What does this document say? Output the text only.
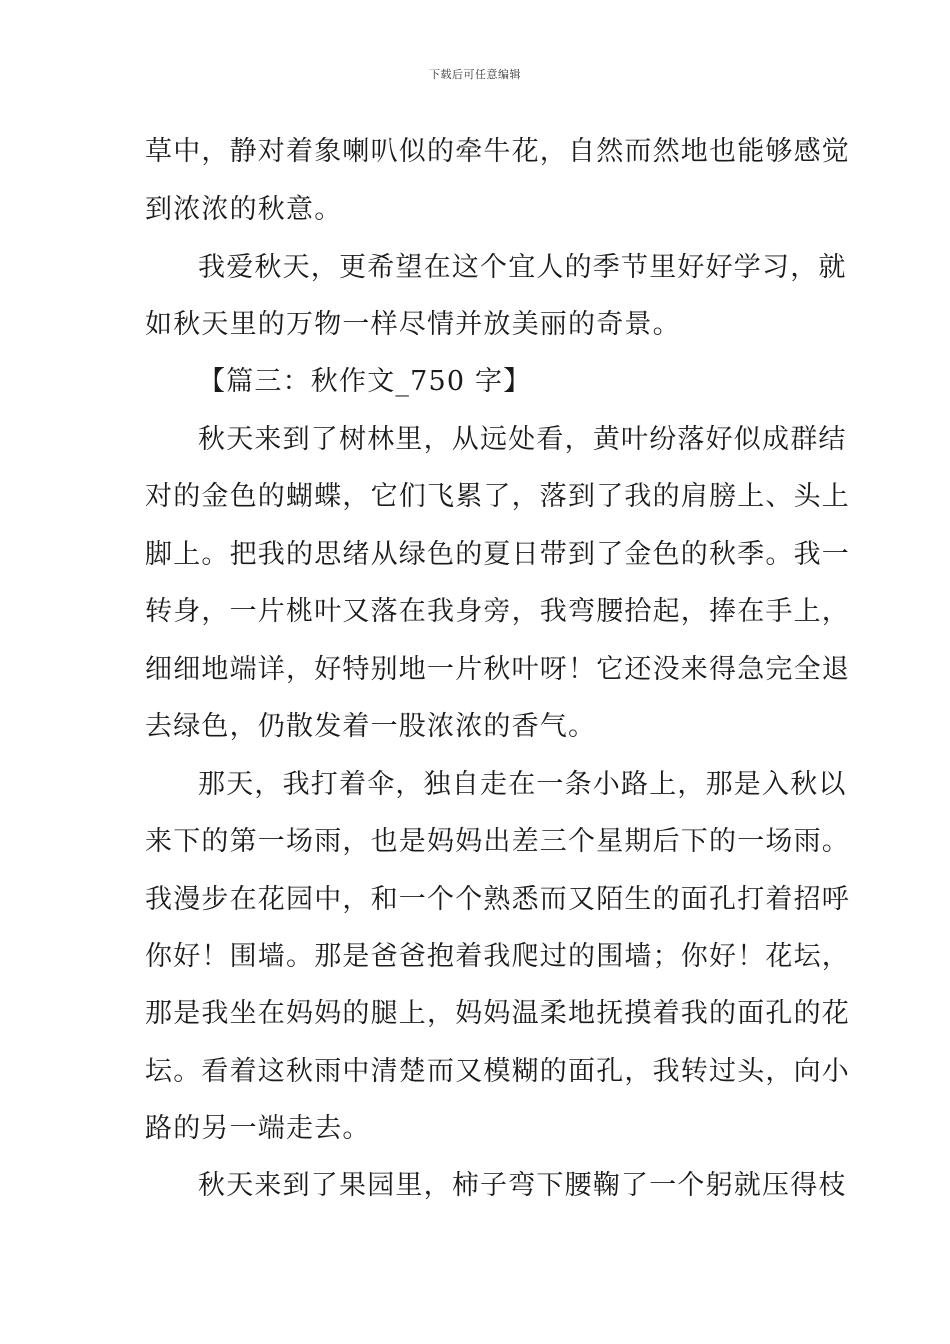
下载后可任意编辑
草中，静对着象喇叭似的牵牛花，自然而然地也能够感觉
到浓浓的秋意。
我爱秋天，更希望在这个宜人的季节里好好学习，就
如秋天里的万物一样尽情并放美丽的奇景。
【篇三：秋作文_750 字】
秋天来到了树林里，从远处看，黄叶纷落好似成群结
对的金色的蝴蝶，它们飞累了，落到了我的肩膀上、头上
脚上。把我的思绪从绿色的夏日带到了金色的秋季。我一
转身，一片桃叶又落在我身旁，我弯腰拾起，捧在手上，
细细地端详，好特别地一片秋叶呀！它还没来得急完全退
去绿色，仍散发着一股浓浓的香气。
那天，我打着伞，独自走在一条小路上，那是入秋以
来下的第一场雨，也是妈妈出差三个星期后下的一场雨。
我漫步在花园中，和一个个熟悉而又陌生的面孔打着招呼
你好！围墙。那是爸爸抱着我爬过的围墙；你好！花坛，
那是我坐在妈妈的腿上，妈妈温柔地抚摸着我的面孔的花
坛。看着这秋雨中清楚而又模糊的面孔，我转过头，向小
路的另一端走去。
秋天来到了果园里，柿子弯下腰鞠了一个躬就压得枝
